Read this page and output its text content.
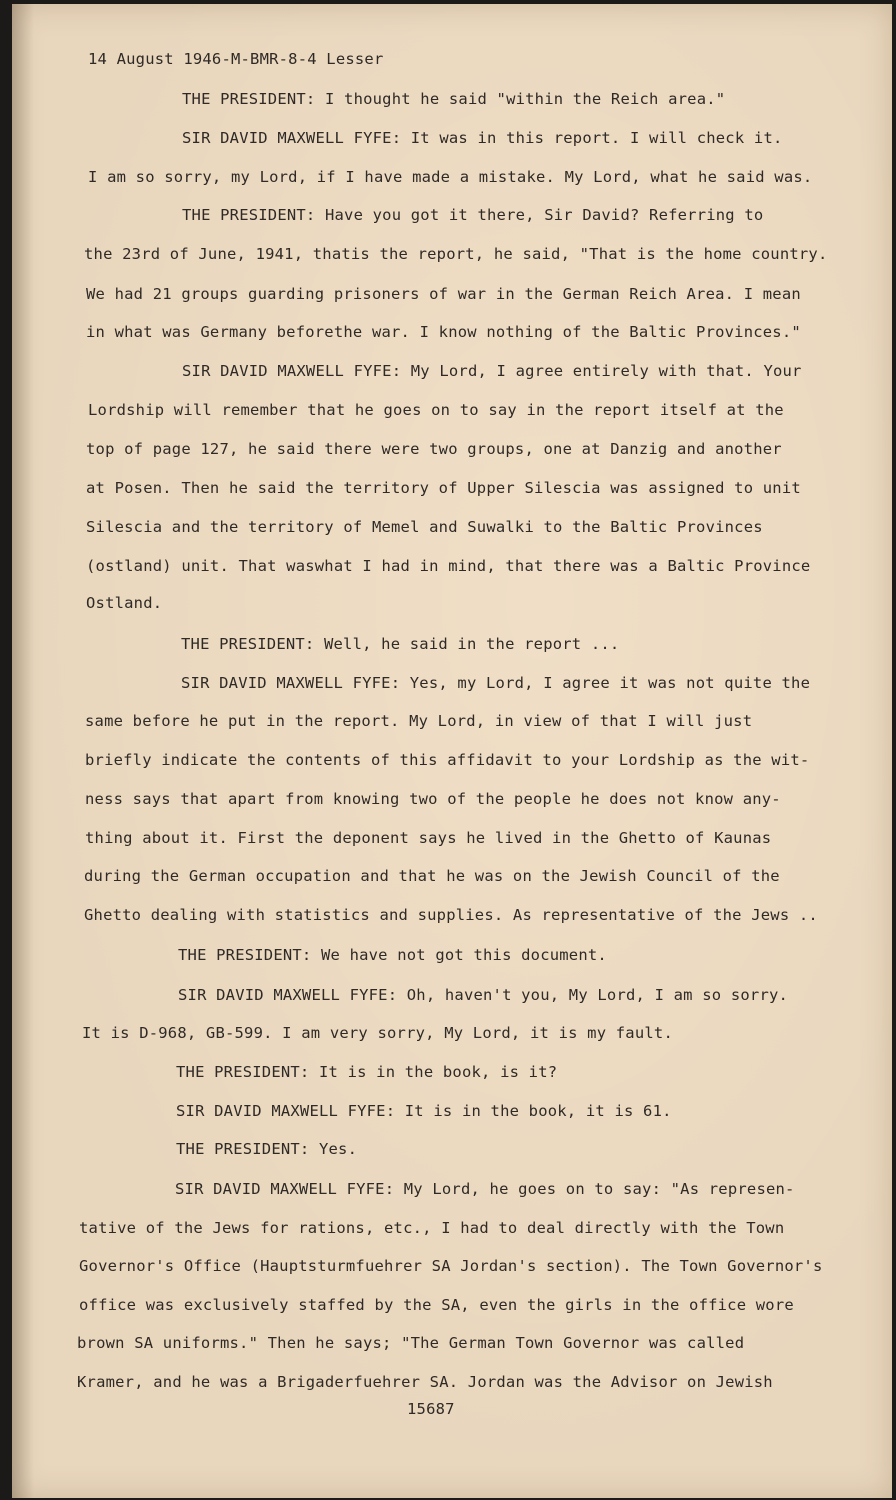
14 August 1946-M-BMR-8-4 Lesser
THE PRESIDENT: I thought he said "within the Reich area."
SIR DAVID MAXWELL FYFE: It was in this report. I will check it.
I am so sorry, my Lord, if I have made a mistake. My Lord, what he said was.
THE PRESIDENT: Have you got it there, Sir David? Referring to
the 23rd of June, 1941, thatis the report, he said, "That is the home country.
We had 21 groups guarding prisoners of war in the German Reich Area. I mean
in what was Germany beforethe war. I know nothing of the Baltic Provinces."
SIR DAVID MAXWELL FYFE: My Lord, I agree entirely with that. Your
Lordship will remember that he goes on to say in the report itself at the
top of page 127, he said there were two groups, one at Danzig and another
at Posen. Then he said the territory of Upper Silescia was assigned to unit
Silescia and the territory of Memel and Suwalki to the Baltic Provinces
(ostland) unit. That waswhat I had in mind, that there was a Baltic Province
Ostland.
THE PRESIDENT: Well, he said in the report ...
SIR DAVID MAXWELL FYFE: Yes, my Lord, I agree it was not quite the
same before he put in the report. My Lord, in view of that I will just
briefly indicate the contents of this affidavit to your Lordship as the wit-
ness says that apart from knowing two of the people he does not know any-
thing about it. First the deponent says he lived in the Ghetto of Kaunas
during the German occupation and that he was on the Jewish Council of the
Ghetto dealing with statistics and supplies. As representative of the Jews ..
THE PRESIDENT: We have not got this document.
SIR DAVID MAXWELL FYFE: Oh, haven't you, My Lord, I am so sorry.
It is D-968, GB-599. I am very sorry, My Lord, it is my fault.
THE PRESIDENT: It is in the book, is it?
SIR DAVID MAXWELL FYFE: It is in the book, it is 61.
THE PRESIDENT: Yes.
SIR DAVID MAXWELL FYFE: My Lord, he goes on to say: "As represen-
tative of the Jews for rations, etc., I had to deal directly with the Town
Governor's Office (Hauptsturmfuehrer SA Jordan's section). The Town Governor's
office was exclusively staffed by the SA, even the girls in the office wore
brown SA uniforms." Then he says; "The German Town Governor was called
Kramer, and he was a Brigaderfuehrer SA. Jordan was the Advisor on Jewish
15687
